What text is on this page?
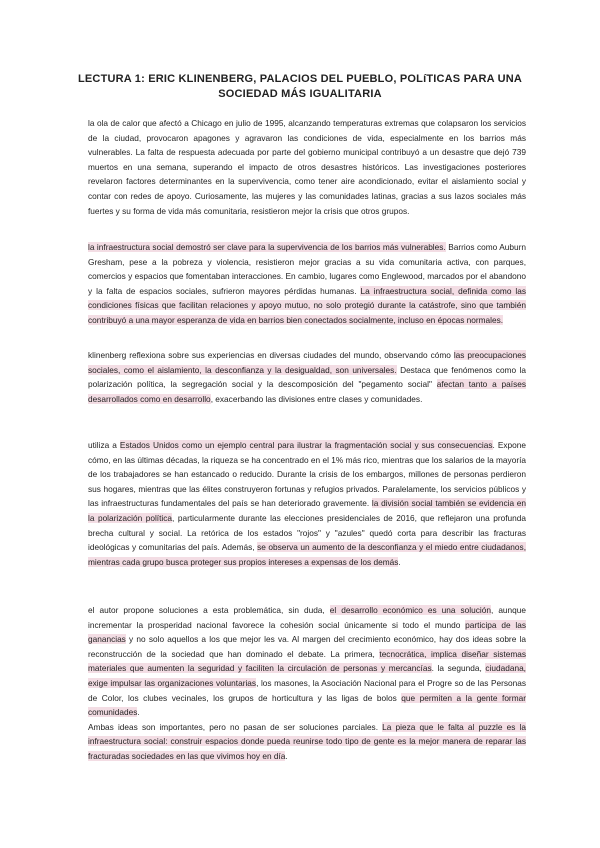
LECTURA 1: ERIC KLINENBERG, PALACIOS DEL PUEBLO, POLíTICAS PARA UNA SOCIEDAD MÁS IGUALITARIA

la ola de calor que afectó a Chicago en julio de 1995, alcanzando temperaturas extremas que colapsaron los servicios de la ciudad, provocaron apagones y agravaron las condiciones de vida, especialmente en los barrios más vulnerables. La falta de respuesta adecuada por parte del gobierno municipal contribuyó a un desastre que dejó 739 muertos en una semana, superando el impacto de otros desastres históricos. Las investigaciones posteriores revelaron factores determinantes en la supervivencia, como tener aire acondicionado, evitar el aislamiento social y contar con redes de apoyo. Curiosamente, las mujeres y las comunidades latinas, gracias a sus lazos sociales más fuertes y su forma de vida más comunitaria, resistieron mejor la crisis que otros grupos.

la infraestructura social demostró ser clave para la supervivencia de los barrios más vulnerables. Barrios como Auburn Gresham, pese a la pobreza y violencia, resistieron mejor gracias a su vida comunitaria activa, con parques, comercios y espacios que fomentaban interacciones. En cambio, lugares como Englewood, marcados por el abandono y la falta de espacios sociales, sufrieron mayores pérdidas humanas. La infraestructura social, definida como las condiciones físicas que facilitan relaciones y apoyo mutuo, no solo protegió durante la catástrofe, sino que también contribuyó a una mayor esperanza de vida en barrios bien conectados socialmente, incluso en épocas normales.

klinenberg reflexiona sobre sus experiencias en diversas ciudades del mundo, observando cómo las preocupaciones sociales, como el aislamiento, la desconfianza y la desigualdad, son universales. Destaca que fenómenos como la polarización política, la segregación social y la descomposición del "pegamento social" afectan tanto a países desarrollados como en desarrollo, exacerbando las divisiones entre clases y comunidades.

utiliza a Estados Unidos como un ejemplo central para ilustrar la fragmentación social y sus consecuencias. Expone cómo, en las últimas décadas, la riqueza se ha concentrado en el 1% más rico, mientras que los salarios de la mayoría de los trabajadores se han estancado o reducido. Durante la crisis de los embargos, millones de personas perdieron sus hogares, mientras que las élites construyeron fortunas y refugios privados. Paralelamente, los servicios públicos y las infraestructuras fundamentales del país se han deteriorado gravemente. la división social también se evidencia en la polarización política, particularmente durante las elecciones presidenciales de 2016, que reflejaron una profunda brecha cultural y social. La retórica de los estados "rojos" y "azules" quedó corta para describir las fracturas ideológicas y comunitarias del país. Además, se observa un aumento de la desconfianza y el miedo entre ciudadanos, mientras cada grupo busca proteger sus propios intereses a expensas de los demás.

el autor propone soluciones a esta problemática, sin duda, el desarrollo económico es una solución, aunque incrementar la prosperidad nacional favorece la cohesión social únicamente si todo el mundo participa de las ganancias y no solo aquellos a los que mejor les va. Al margen del crecimiento económico, hay dos ideas sobre la reconstrucción de la sociedad que han dominado el debate. La primera, tecnocrática, implica diseñar sistemas materiales que aumenten la seguridad y faciliten la circulación de personas y mercancías. la segunda, ciudadana, exige impulsar las organizaciones voluntarias, los masones, la Asociación Nacional para el Progre so de las Personas de Color, los clubes vecinales, los grupos de horticultura y las ligas de bolos que permiten a la gente formar comunidades.
Ambas ideas son importantes, pero no pasan de ser soluciones parciales. La pieza que le falta al puzzle es la infraestructura social: construir espacios donde pueda reunirse todo tipo de gente es la mejor manera de reparar las fracturadas sociedades en las que vivimos hoy en día.
